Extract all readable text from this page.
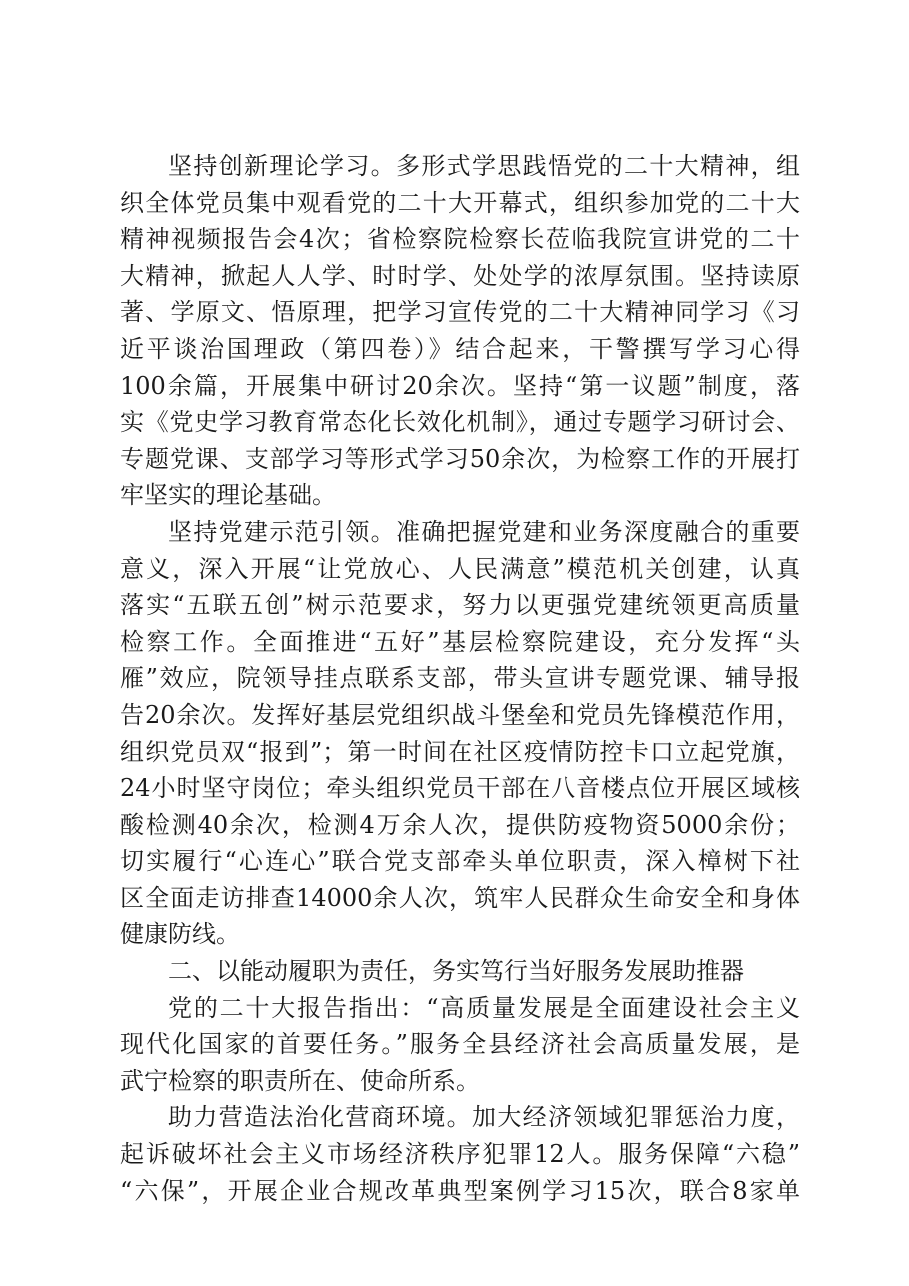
坚持创新理论学习。多形式学思践悟党的二十大精神，组
织全体党员集中观看党的二十大开幕式，组织参加党的二十大
精神视频报告会4次；省检察院检察长莅临我院宣讲党的二十
大精神，掀起人人学、时时学、处处学的浓厚氛围。坚持读原
著、学原文、悟原理，把学习宣传党的二十大精神同学习《习
近平谈治国理政（第四卷）》结合起来，干警撰写学习心得
100余篇，开展集中研讨20余次。坚持“第一议题”制度，落
实《党史学习教育常态化长效化机制》，通过专题学习研讨会、
专题党课、支部学习等形式学习50余次，为检察工作的开展打
牢坚实的理论基础。
坚持党建示范引领。准确把握党建和业务深度融合的重要
意义，深入开展“让党放心、人民满意”模范机关创建，认真
落实“五联五创”树示范要求，努力以更强党建统领更高质量
检察工作。全面推进“五好”基层检察院建设，充分发挥“头
雁”效应，院领导挂点联系支部，带头宣讲专题党课、辅导报
告20余次。发挥好基层党组织战斗堡垒和党员先锋模范作用，
组织党员双“报到”；第一时间在社区疫情防控卡口立起党旗，
24小时坚守岗位；牵头组织党员干部在八音楼点位开展区域核
酸检测40余次，检测4万余人次，提供防疫物资5000余份；
切实履行“心连心”联合党支部牵头单位职责，深入樟树下社
区全面走访排查14000余人次，筑牢人民群众生命安全和身体
健康防线。
二、以能动履职为责任，务实笃行当好服务发展助推器
党的二十大报告指出：“高质量发展是全面建设社会主义
现代化国家的首要任务。”服务全县经济社会高质量发展，是
武宁检察的职责所在、使命所系。
助力营造法治化营商环境。加大经济领域犯罪惩治力度，
起诉破坏社会主义市场经济秩序犯罪12人。服务保障“六稳”
“六保”，开展企业合规改革典型案例学习15次，联合8家单
